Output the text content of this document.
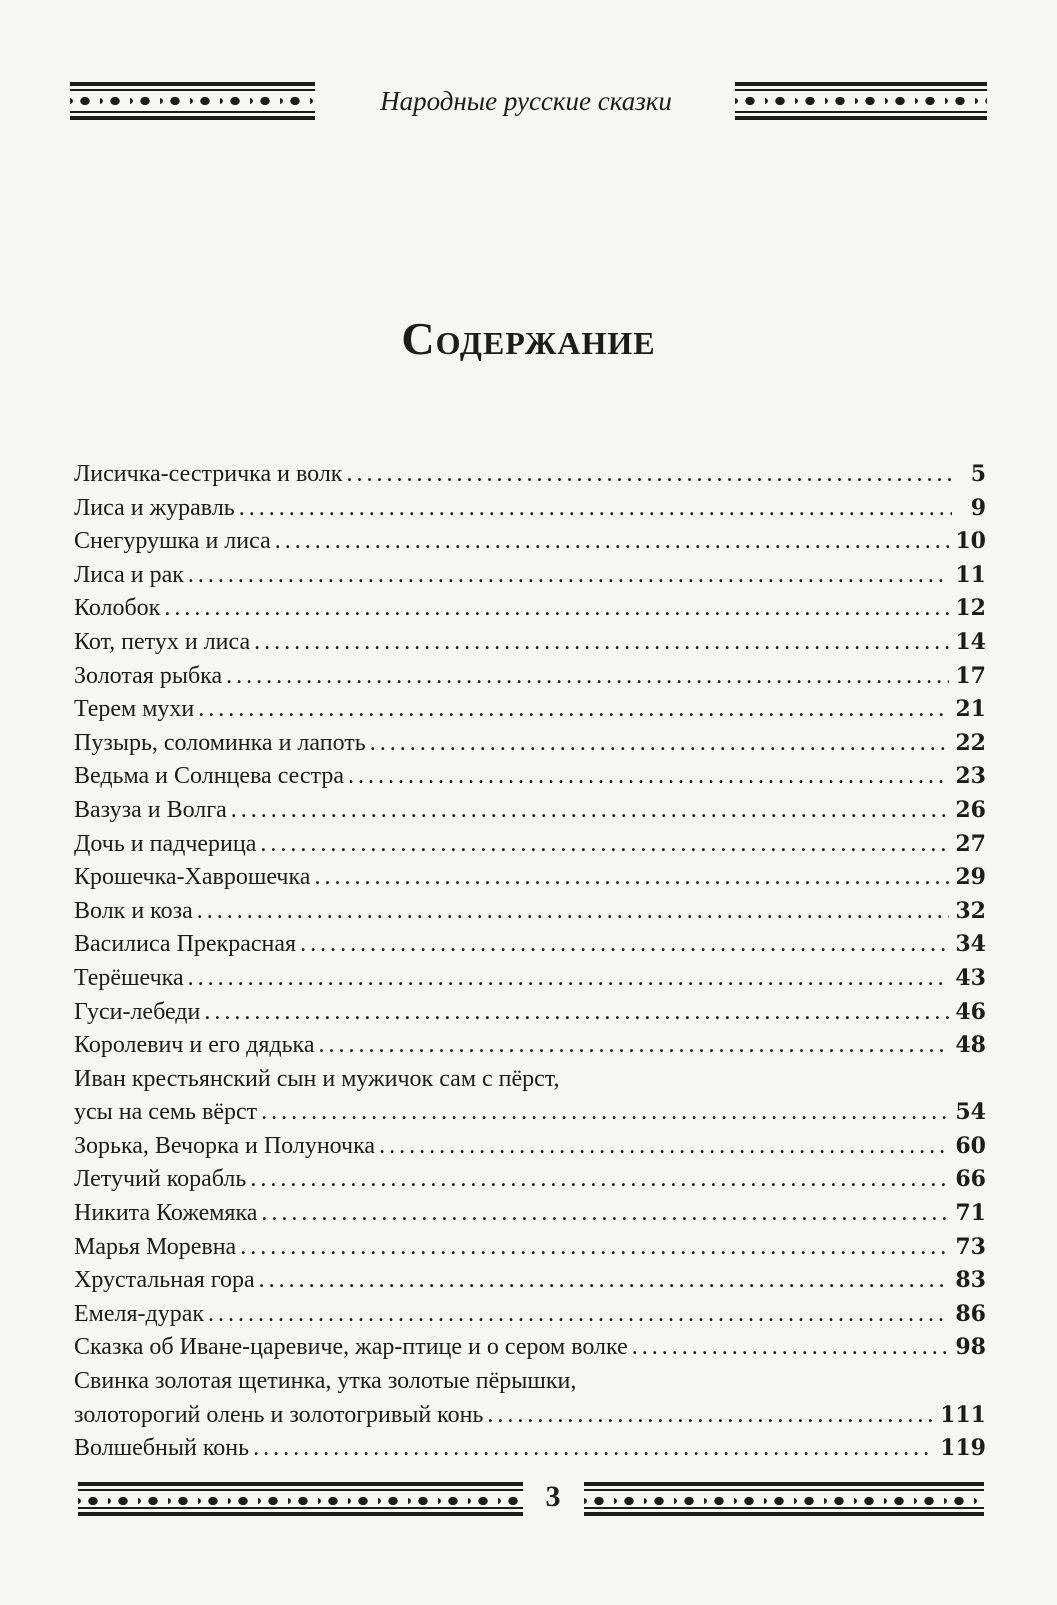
Народные русские сказки
Содержание
Лисичка-сестричка и волк .....	5
Лиса и журавль .....	9
Снегурушка и лиса .....	10
Лиса и рак .....	11
Колобок .....	12
Кот, петух и лиса .....	14
Золотая рыбка .....	17
Терем мухи .....	21
Пузырь, соломинка и лапоть .....	22
Ведьма и Солнцева сестра .....	23
Вазуза и Волга .....	26
Дочь и падчерица .....	27
Крошечка-Хаврошечка .....	29
Волк и коза .....	32
Василиса Прекрасная .....	34
Терёшечка .....	43
Гуси-лебеди .....	46
Королевич и его дядька .....	48
Иван крестьянский сын и мужичок сам с пёрст,
усы на семь вёрст .....	54
Зорька, Вечорка и Полуночка .....	60
Летучий корабль .....	66
Никита Кожемяка .....	71
Марья Моревна .....	73
Хрустальная гора .....	83
Емеля-дурак .....	86
Сказка об Иване-царевиче, жар-птице и о сером волке .....	98
Свинка золотая щетинка, утка золотые пёрышки,
золоторогий олень и золотогривый конь .....	111
Волшебный конь .....	119
3
